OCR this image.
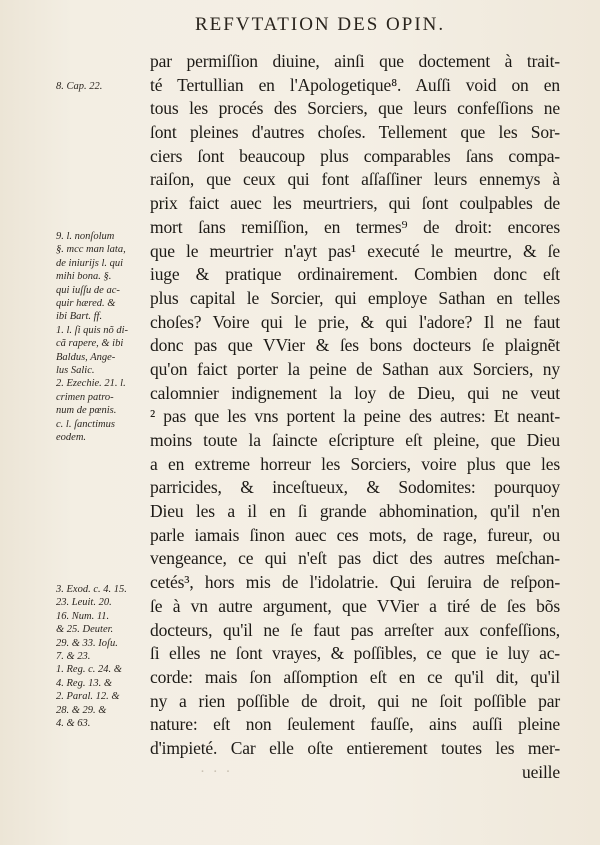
REFVTATION DES OPIN.
8. Cap. 22.
9. l. nonſolum
§. mcc man lata,
de iniurijs l. qui
mihi bona. §.
qui iuſſu de ac-
quir hæred. &
ibi Bart. ff.
1. l. ſi quis nõ di-
cã rapere, & ibi
Baldus, Ange-
lus Salic.
2. Ezechie. 21. l.
crimen patro-
num de pœnis.
c. l. ſanctimus
eodem.
3. Exod. c. 4. 15.
23. Leuit. 20.
16. Num. 11.
& 25. Deuter.
29. & 33. Ioſu.
7. & 23.
1. Reg. c. 24. &
4. Reg. 13. &
2. Paral. 12. &
28. & 29. &
4. & 63.
par permiſſion diuine, ainſi que doctement à trait-
té Tertullian en l'Apologetique⁸. Auſſi void on en
tous les procés des Sorciers, que leurs confeſſions ne
ſont pleines d'autres choſes. Tellement que les Sor-
ciers ſont beaucoup plus comparables ſans compa-
raiſon, que ceux qui font aſſaſſiner leurs ennemys à
prix faict auec les meurtriers, qui ſont coulpables de
mort ſans remiſſion, en termes⁹ de droit: encores
que le meurtrier n'ayt pas¹ executé le meurtre, & ſe
iuge & pratique ordinairement. Combien donc eſt
plus capital le Sorcier, qui employe Sathan en telles
choſes? Voire qui le prie, & qui l'adore? Il ne faut
donc pas que VVier & ſes bons docteurs ſe plaignẽt
qu'on faict porter la peine de Sathan aux Sorciers, ny
calomnier indignement la loy de Dieu, qui ne veut
² pas que les vns portent la peine des autres: Et neant-
moins toute la ſaincte eſcripture eſt pleine, que Dieu
a en extreme horreur les Sorciers, voire plus que les
parricides, & inceſtueux, & Sodomites: pourquoy
Dieu les a il en ſi grande abhomination, qu'il n'en
parle iamais ſinon auec ces mots, de rage, fureur, ou
vengeance, ce qui n'eſt pas dict des autres meſchan-
cetés³, hors mis de l'idolatrie. Qui ſeruira de reſpon-
ſe à vn autre argument, que VVier a tiré de ſes bõs
docteurs, qu'il ne ſe faut pas arreſter aux confeſſions,
ſi elles ne ſont vrayes, & poſſibles, ce que ie luy ac-
corde: mais ſon aſſomption eſt en ce qu'il dit, qu'il
ny a rien poſſible de droit, qui ne ſoit poſſible par
nature: eſt non ſeulement fauſſe, ains auſſi pleine
d'impieté. Car elle oſte entierement toutes les mer-
ueille
· · ·
